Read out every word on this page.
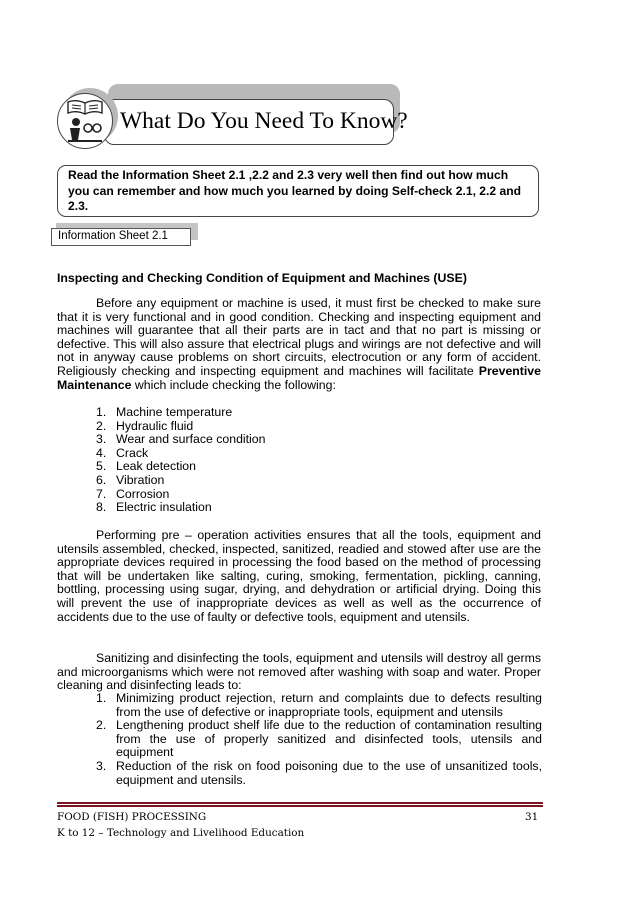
What Do You Need To Know?
Read the Information Sheet 2.1 ,2.2 and 2.3 very well then find out how much
you can remember and how much you learned by doing Self-check 2.1, 2.2 and
2.3.
Information Sheet 2.1
Inspecting and Checking Condition of Equipment and Machines (USE)

Before any equipment or machine is used, it must first be checked to make sure that it is very functional and in good condition. Checking and inspecting equipment and machines will guarantee that all their parts are in tact and that no part is missing or defective. This will also assure that electrical plugs and wirings are not defective and will not in anyway cause problems on short circuits, electrocution or any form of accident. Religiously checking and inspecting equipment and machines will facilitate Preventive Maintenance which include checking the following:

1. Machine temperature
2. Hydraulic fluid
3. Wear and surface condition
4. Crack
5. Leak detection
6. Vibration
7. Corrosion
8. Electric insulation

Performing pre – operation activities ensures that all the tools, equipment and utensils assembled, checked, inspected, sanitized, readied and stowed after use are the appropriate devices required in processing the food based on the method of processing that will be undertaken like salting, curing, smoking, fermentation, pickling, canning, bottling, processing using sugar, drying, and dehydration or artificial drying. Doing this will prevent the use of inappropriate devices as well as well as the occurrence of accidents due to the use of faulty or defective tools, equipment and utensils.

Sanitizing and disinfecting the tools, equipment and utensils will destroy all germs and microorganisms which were not removed after washing with soap and water. Proper cleaning and disinfecting leads to:

1. Minimizing product rejection, return and complaints due to defects resulting from the use of defective or inappropriate tools, equipment and utensils
2. Lengthening product shelf life due to the reduction of contamination resulting from the use of properly sanitized and disinfected tools, utensils and equipment
3. Reduction of the risk on food poisoning due to the use of unsanitized tools, equipment and utensils.
FOOD (FISH) PROCESSING
K to 12 – Technology and Livelihood Education
31
